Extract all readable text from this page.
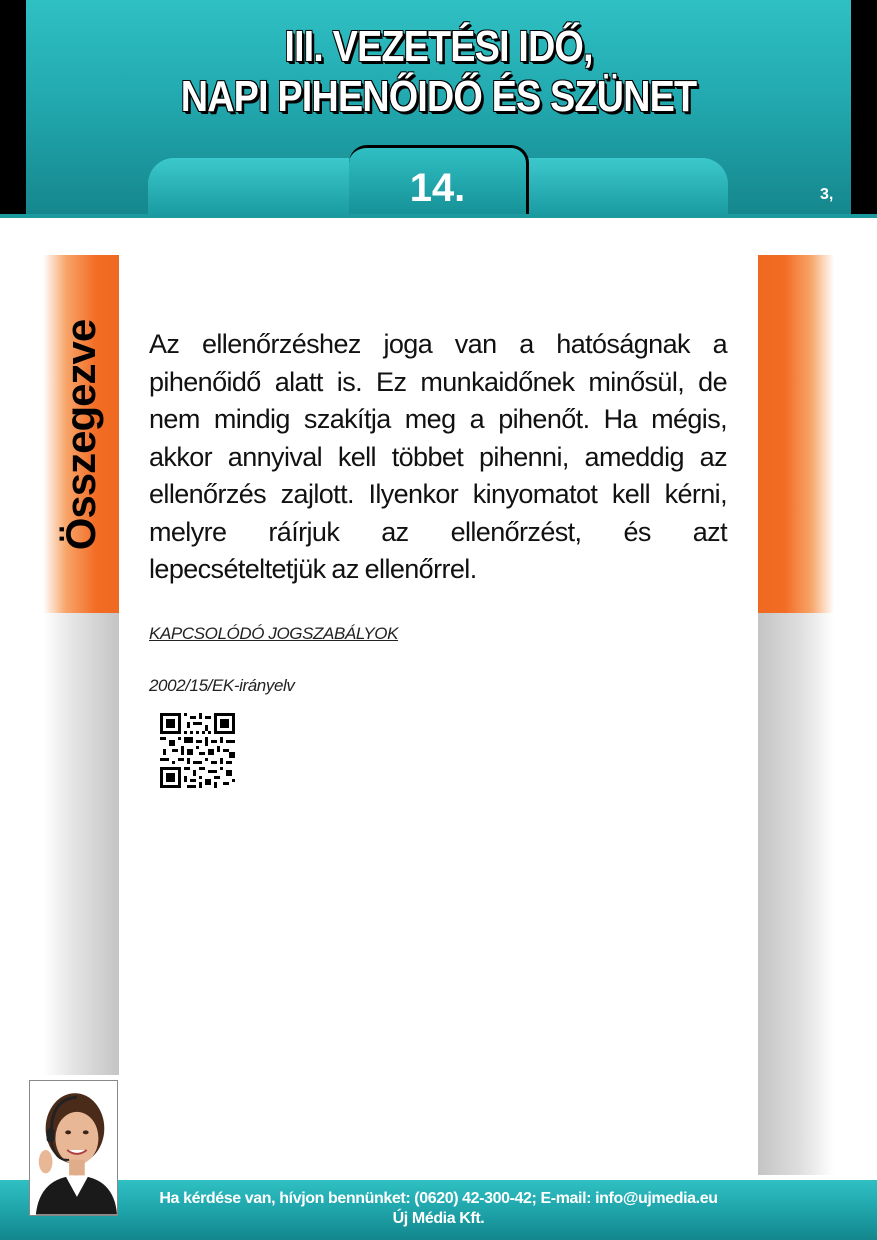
III. VEZETÉSI IDŐ,
NAPI PIHENŐIDŐ ÉS SZÜNET
14.	3,
Összegezve Az ellenőrzéshez joga van a hatóságnak a pihenőidő alatt is. Ez munkaidőnek minősül, de nem mindig szakítja meg a pihenőt. Ha mégis, akkor annyival kell többet pihenni, ameddig az ellenőrzés zajlott. Ilyenkor kinyomatot kell kérni, melyre ráírjuk az ellenőrzést, és azt lepecsételtetjük az ellenőrrel.
KAPCSOLÓDÓ JOGSZABÁLYOK
2002/15/EK-irányelv
Ha kérdése van, hívjon bennünket: (0620) 42-300-42; E-mail: info@ujmedia.eu
Új Média Kft.
